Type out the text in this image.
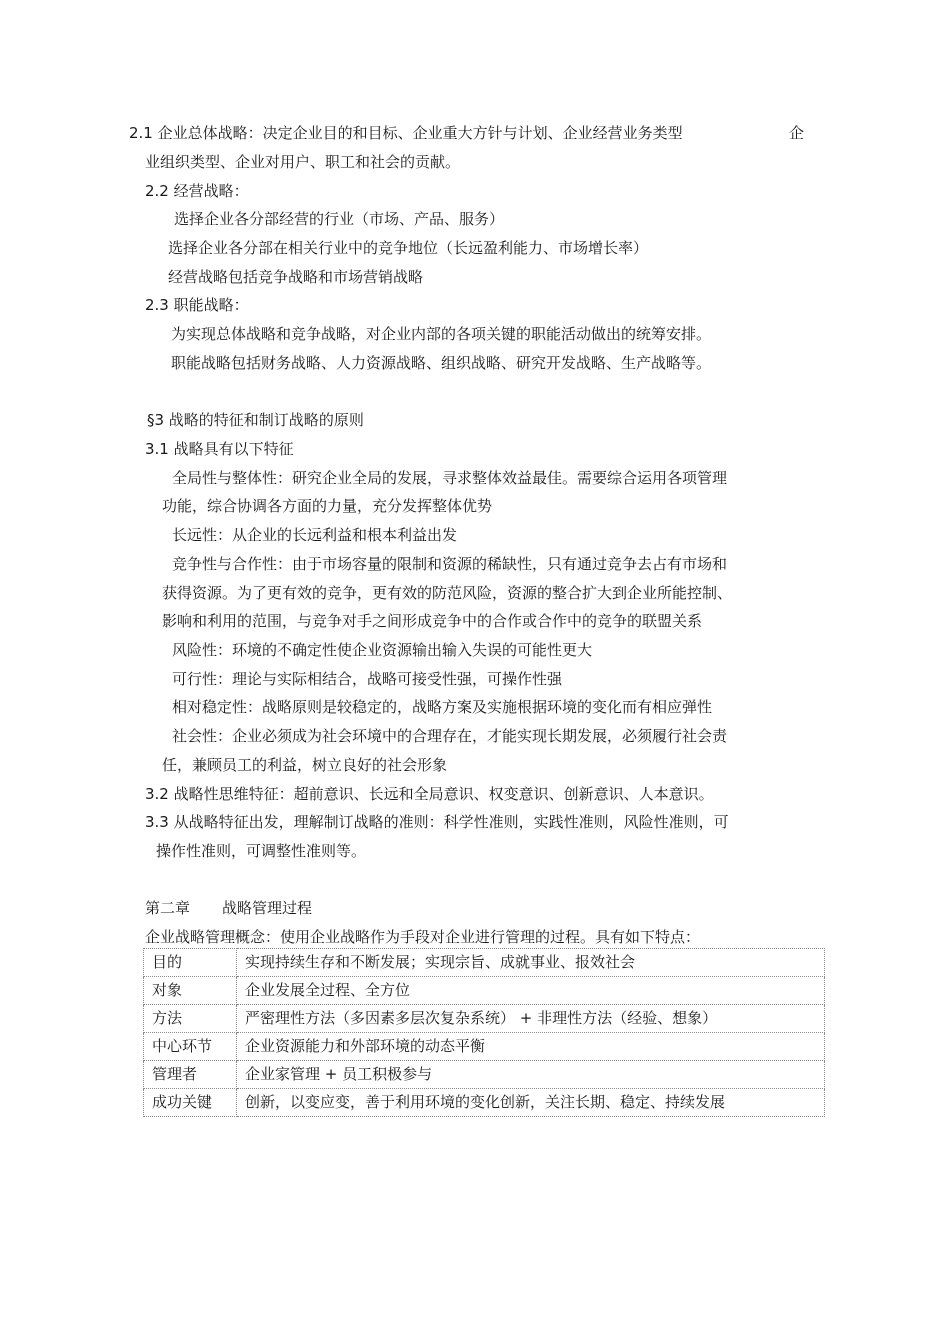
2.1 企业总体战略：决定企业目的和目标、企业重大方针与计划、企业经营业务类型	企
业组织类型、企业对用户、职工和社会的贡献。
2.2 经营战略：
选择企业各分部经营的行业（市场、产品、服务）
选择企业各分部在相关行业中的竞争地位（长远盈利能力、市场增长率）
经营战略包括竞争战略和市场营销战略
2.3 职能战略：
为实现总体战略和竞争战略，对企业内部的各项关键的职能活动做出的统筹安排。
职能战略包括财务战略、人力资源战略、组织战略、研究开发战略、生产战略等。
§3 战略的特征和制订战略的原则
3.1 战略具有以下特征
全局性与整体性：研究企业全局的发展，寻求整体效益最佳。需要综合运用各项管理
功能，综合协调各方面的力量，充分发挥整体优势
长远性：从企业的长远利益和根本利益出发
竞争性与合作性：由于市场容量的限制和资源的稀缺性，只有通过竞争去占有市场和
获得资源。为了更有效的竞争，更有效的防范风险，资源的整合扩大到企业所能控制、
影响和利用的范围，与竞争对手之间形成竞争中的合作或合作中的竞争的联盟关系
风险性：环境的不确定性使企业资源输出输入失误的可能性更大
可行性：理论与实际相结合，战略可接受性强，可操作性强
相对稳定性：战略原则是较稳定的，战略方案及实施根据环境的变化而有相应弹性
社会性：企业必须成为社会环境中的合理存在，才能实现长期发展，必须履行社会责
任，兼顾员工的利益，树立良好的社会形象
3.2 战略性思维特征：超前意识、长远和全局意识、权变意识、创新意识、人本意识。
3.3 从战略特征出发，理解制订战略的准则：科学性准则，实践性准则，风险性准则，可
操作性准则，可调整性准则等。
第二章 战略管理过程
企业战略管理概念：使用企业战略作为手段对企业进行管理的过程。具有如下特点：
目的	实现持续生存和不断发展；实现宗旨、成就事业、报效社会
对象	企业发展全过程、全方位
方法	严密理性方法（多因素多层次复杂系统） + 非理性方法（经验、想象）
中心环节	企业资源能力和外部环境的动态平衡
管理者	企业家管理 + 员工积极参与
成功关键	创新，以变应变，善于利用环境的变化创新，关注长期、稳定、持续发展
